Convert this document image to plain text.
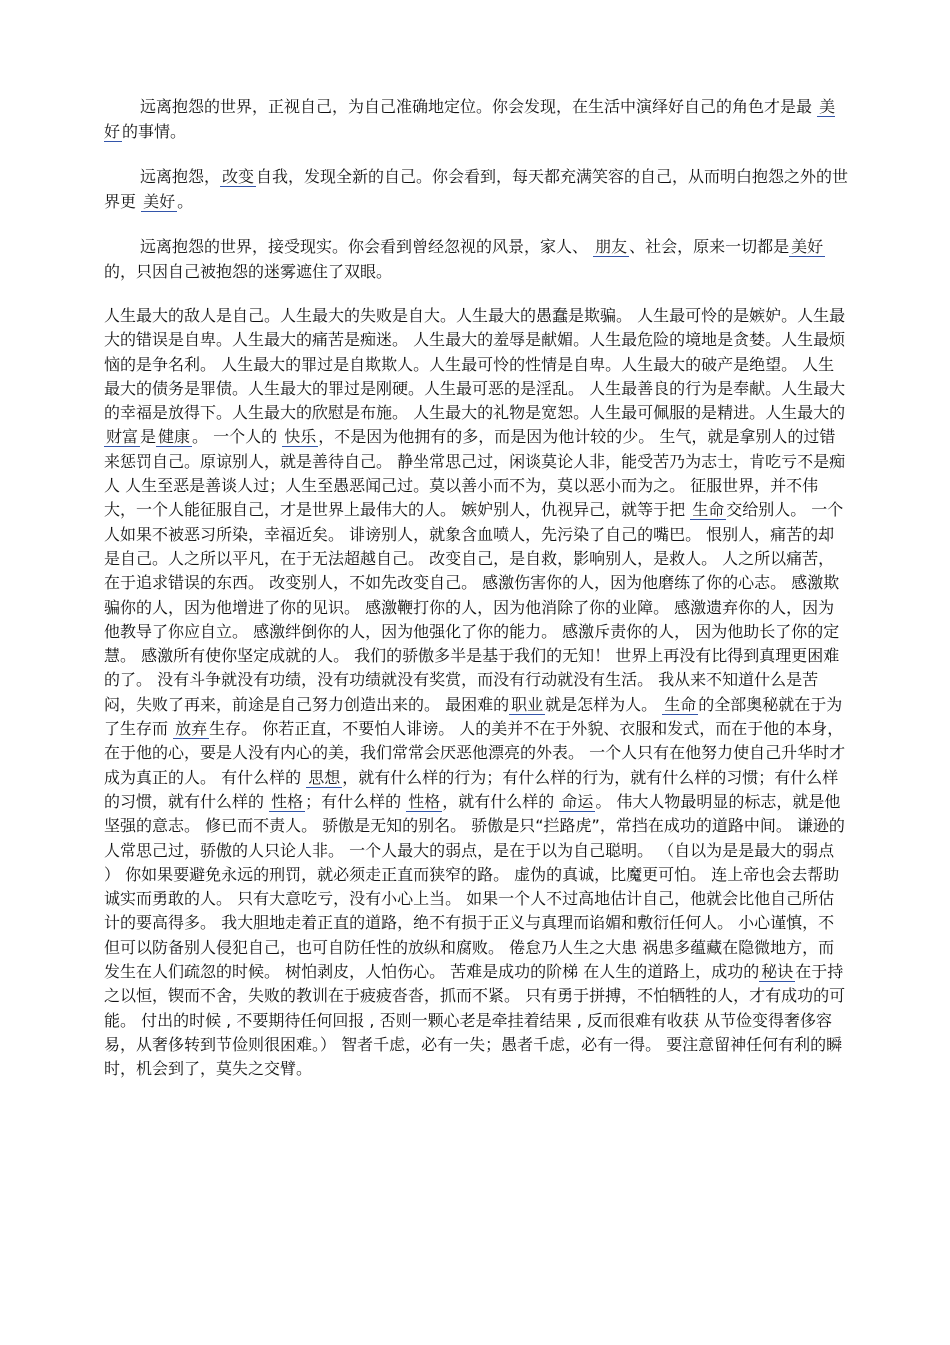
远离抱怨的世界，正视自己，为自己准确地定位。你会发现，在生活中演绎好自己的角色才是最 美好 的事情。

远离抱怨， 改变 自我，发现全新的自己。你会看到，每天都充满笑容的自己，从而明白抱怨之外的世界更 美好 。

远离抱怨的世界，接受现实。你会看到曾经忽视的风景，家人、 朋友 、社会，原来一切都是 美好的，只因自己被抱怨的迷雾遮住了双眼。

人生最大的敌人是自己。人生最大的失败是自大。人生最大的愚蠢是欺骗。 人生最可怜的是嫉妒。人生最大的错误是自卑。人生最大的痛苦是痴迷。 人生最大的羞辱是献媚。人生最危险的境地是贪婪。人生最烦恼的是争名利。 人生最大的罪过是自欺欺人。人生最可怜的性情是自卑。人生最大的破产是绝望。 人生最大的债务是罪债。人生最大的罪过是刚硬。人生最可恶的是淫乱。 人生最善良的行为是奉献。人生最大的幸福是放得下。人生最大的欣慰是布施。 人生最大的礼物是宽恕。人生最可佩服的是精进。人生最大的财富 是 健康 。 一个人的 快乐 ，不是因为他拥有的多，而是因为他计较的少。 生气，就是拿别人的过错来惩罚自己。原谅别人，就是善待自己。 静坐常思己过，闲谈莫论人非，能受苦乃为志士，肯吃亏不是痴人 人生至恶是善谈人过；人生至愚恶闻己过。莫以善小而不为，莫以恶小而为之。 征服世界，并不伟大，一个人能征服自己，才是世界上最伟大的人。 嫉妒别人，仇视异己，就等于把 生命 交给别人。 一个人如果不被恶习所染，幸福近矣。 诽谤别人，就象含血喷人，先污染了自己的嘴巴。 恨别人，痛苦的却是自己。人之所以平凡，在于无法超越自己。 改变自己，是自救，影响别人，是救人。 人之所以痛苦，在于追求错误的东西。 改变别人，不如先改变自己。 感激伤害你的人，因为他磨练了你的心志。 感激欺骗你的人，因为他增进了你的见识。 感激鞭打你的人，因为他消除了你的业障。 感激遗弃你的人，因为他教导了你应自立。 感激绊倒你的人，因为他强化了你的能力。 感激斥责你的人， 因为他助长了你的定慧。 感激所有使你坚定成就的人。 我们的骄傲多半是基于我们的无知！ 世界上再没有比得到真理更困难的了。 没有斗争就没有功绩，没有功绩就没有奖赏，而没有行动就没有生活。 我从来不知道什么是苦闷，失败了再来，前途是自己努力创造出来的。 最困难的 职业 就是怎样为人。 生命 的全部奥秘就在于为了生存而 放弃 生存。 你若正直，不要怕人诽谤。 人的美并不在于外貌、衣服和发式，而在于他的本身，在于他的心，要是人没有内心的美，我们常常会厌恶他漂亮的外表。 一个人只有在他努力使自己升华时才成为真正的人。 有什么样的 思想 ，就有什么样的行为；有什么样的行为，就有什么样的习惯；有什么样的习惯，就有什么样的 性格 ；有什么样的 性格 ，就有什么样的 命运 。 伟大人物最明显的标志，就是他坚强的意志。 修已而不责人。 骄傲是无知的别名。 骄傲是只“拦路虎”，常挡在成功的道路中间。 谦逊的人常思己过，骄傲的人只论人非。 一个人最大的弱点，是在于以为自己聪明。 （自以为是是最大的弱点 ） 你如果要避免永远的刑罚，就必须走正直而狭窄的路。 虚伪的真诚，比魔更可怕。 连上帝也会去帮助诚实而勇敢的人。 只有大意吃亏，没有小心上当。 如果一个人不过高地估计自己，他就会比他自己所估计的要高得多。 我大胆地走着正直的道路，绝不有损于正义与真理而谄媚和敷衍任何人。 小心谨慎，不但可以防备别人侵犯自己，也可自防任性的放纵和腐败。 倦怠乃人生之大患 祸患多蕴藏在隐微地方，而发生在人们疏忽的时候。 树怕剥皮，人怕伤心。 苦难是成功的阶梯 在人生的道路上，成功的 秘诀 在于持之以恒，锲而不舍，失败的教训在于疲疲沓沓，抓而不紧。 只有勇于拼搏，不怕牺牲的人，才有成功的可能。 付出的时候 , 不要期待任何回报 , 否则一颗心老是牵挂着结果 , 反而很难有收获 从节俭变得奢侈容易，从奢侈转到节俭则很困难。） 智者千虑，必有一失；愚者千虑，必有一得。 要注意留神任何有利的瞬时，机会到了，莫失之交臂。
